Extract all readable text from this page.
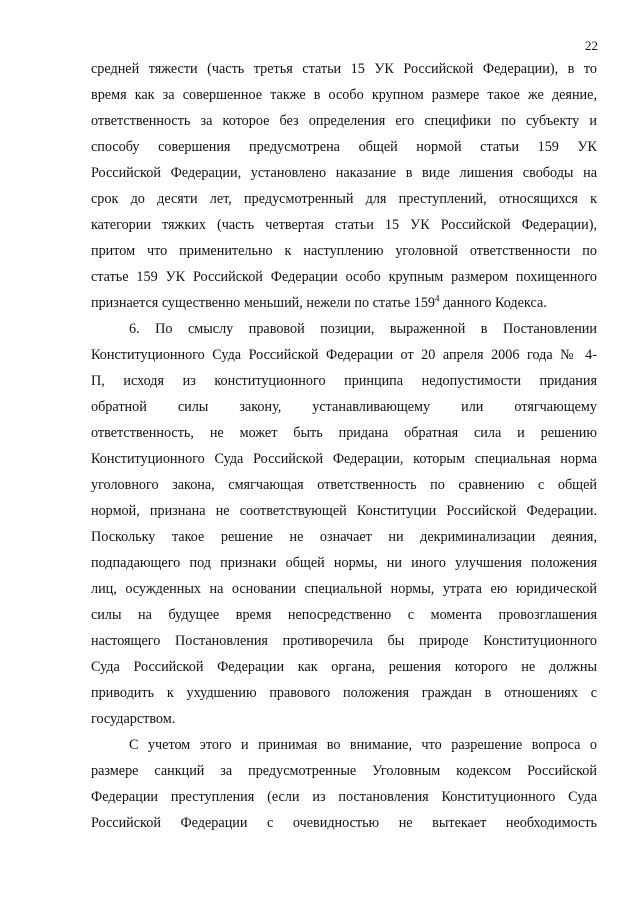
22
средней тяжести (часть третья статьи 15 УК Российской Федерации), в то
время как за совершенное также в особо крупном размере такое же деяние,
ответственность за которое без определения его специфики по субъекту и
способу совершения предусмотрена общей нормой статьи 159 УК
Российской Федерации, установлено наказание в виде лишения свободы на
срок до десяти лет, предусмотренный для преступлений, относящихся к
категории тяжких (часть четвертая статьи 15 УК Российской Федерации),
притом что применительно к наступлению уголовной ответственности по
статье 159 УК Российской Федерации особо крупным размером похищенного
признается существенно меньший, нежели по статье $159^4$ данного Кодекса.
6. По смыслу правовой позиции, выраженной в Постановлении
Конституционного Суда Российской Федерации от 20 апреля 2006 года № 4-
П, исходя из конституционного принципа недопустимости придания
обратной силы закону, устанавливающему или отягчающему
ответственность, не может быть придана обратная сила и решению
Конституционного Суда Российской Федерации, которым специальная норма
уголовного закона, смягчающая ответственность по сравнению с общей
нормой, признана не соответствующей Конституции Российской Федерации.
Поскольку такое решение не означает ни декриминализации деяния,
подпадающего под признаки общей нормы, ни иного улучшения положения
лиц, осужденных на основании специальной нормы, утрата ею юридической
силы на будущее время непосредственно с момента провозглашения
настоящего Постановления противоречила бы природе Конституционного
Суда Российской Федерации как органа, решения которого не должны
приводить к ухудшению правового положения граждан в отношениях с
государством.
С учетом этого и принимая во внимание, что разрешение вопроса о
размере санкций за предусмотренные Уголовным кодексом Российской
Федерации преступления (если из постановления Конституционного Суда
Российской Федерации с очевидностью не вытекает необходимость
